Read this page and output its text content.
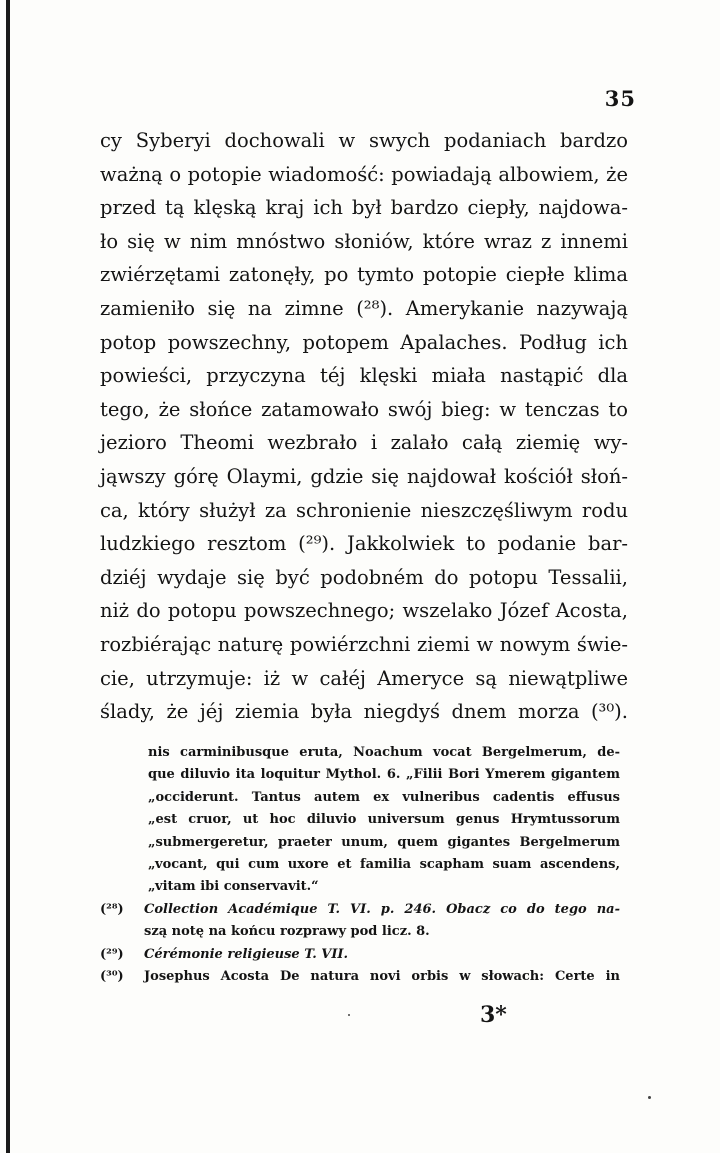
35
cy Syberyi dochowali w swych podaniach bardzo
ważną o potopie wiadomość: powiadają albowiem, że
przed tą klęską kraj ich był bardzo ciepły, najdowa-
ło się w nim mnóstwo słoniów, które wraz z innemi
zwiérzętami zatonęły, po tymto potopie ciepłe klima
zamieniło się na zimne (²⁸). Amerykanie nazywają
potop powszechny, potopem Apalaches. Podług ich
powieści, przyczyna téj klęski miała nastąpić dla
tego, że słońce zatamowało swój bieg: w tenczas to
jezioro Theomi wezbrało i zalało całą ziemię wy-
jąwszy górę Olaymi, gdzie się najdował kościół słoń-
ca, który służył za schronienie nieszczęśliwym rodu
ludzkiego resztom (²⁹). Jakkolwiek to podanie bar-
dziéj wydaje się być podobném do potopu Tessalii,
niż do potopu powszechnego; wszelako Józef Acosta,
rozbiérając naturę powiérzchni ziemi w nowym świe-
cie, utrzymuje: iż w całéj Ameryce są niewątpliwe
ślady, że jéj ziemia była niegdyś dnem morza (³⁰).
nis carminibusque eruta, Noachum vocat Bergelmerum, de-
que diluvio ita loquitur Mythol. 6. „Filii Bori Ymerem gigantem
„occiderunt. Tantus autem ex vulneribus cadentis effusus
„est cruor, ut hoc diluvio universum genus Hrymtussorum
„submergeretur, praeter unum, quem gigantes Bergelmerum
„vocant, qui cum uxore et familia scapham suam ascendens,
„vitam ibi conservavit.“
(²⁸) Collection Académique T. VI. p. 246. Obacz co do tego na-
szą notę na końcu rozprawy pod licz. 8.
(²⁹) Cérémonie religieuse T. VII.
(³⁰) Josephus Acosta De natura novi orbis w słowach: Certe in
3*
